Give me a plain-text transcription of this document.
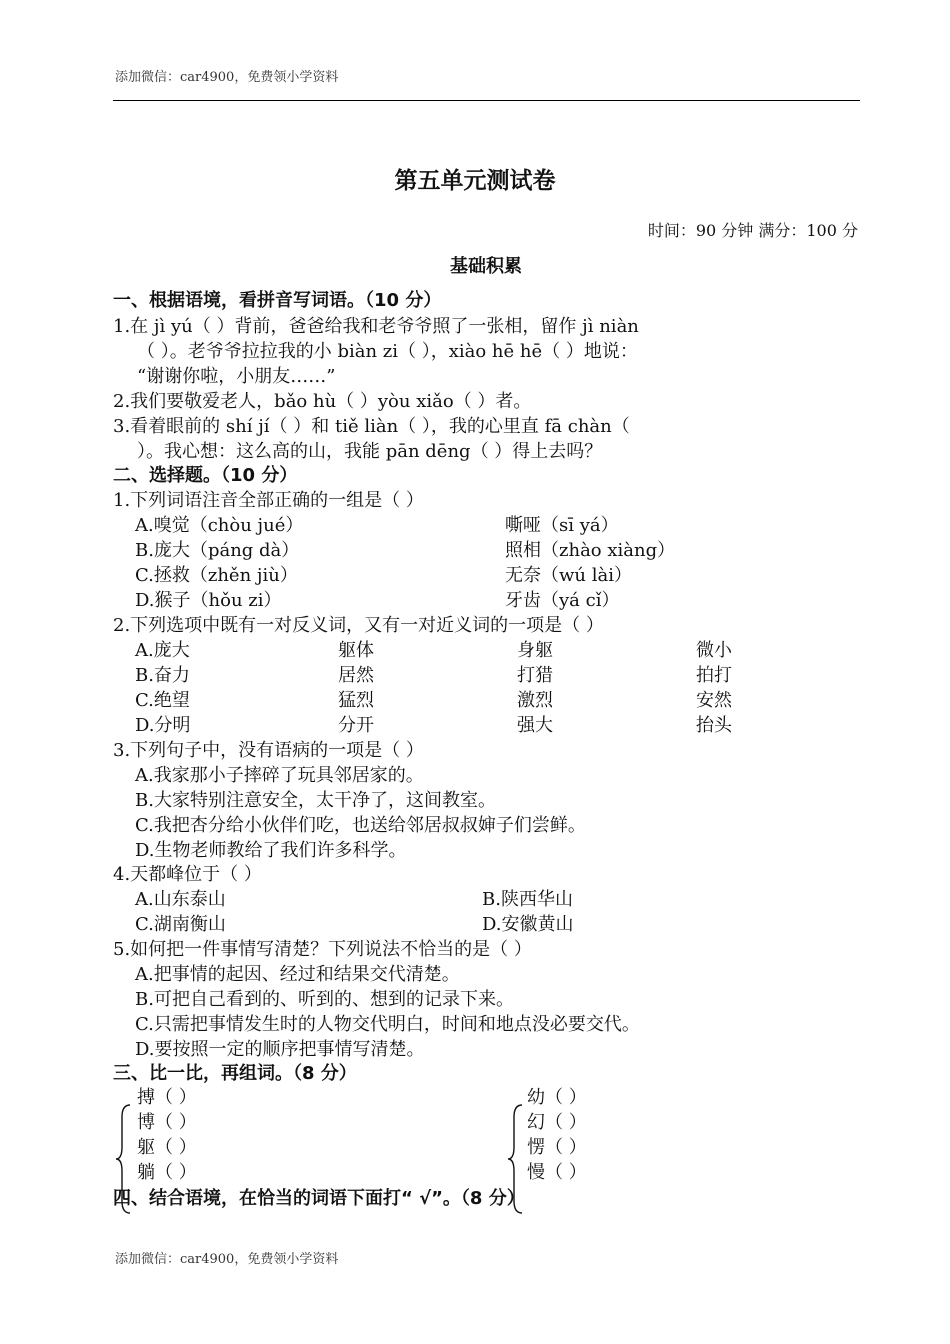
添加微信：car4900，免费领小学资料
第五单元测试卷
时间：90 分钟 满分：100 分
基础积累
一、根据语境，看拼音写词语。（10 分）
1.在 jì yú（ ）背前，爸爸给我和老爷爷照了一张相，留作 jì niàn
（ ）。老爷爷拉拉我的小 biàn zi（ ），xiào hē hē（ ）地说：
“谢谢你啦，小朋友……”
2.我们要敬爱老人，bǎo hù（ ）yòu xiǎo（ ）者。
3.看着眼前的 shí jí（ ）和 tiě liàn（ ），我的心里直 fā chàn（
）。我心想：这么高的山，我能 pān dēng（ ）得上去吗？
二、选择题。（10 分）
1.下列词语注音全部正确的一组是（ ）
A.嗅觉（chòu jué）	嘶哑（sī yá）
B.庞大（páng dà）	照相（zhào xiàng）
C.拯救（zhěn jiù）	无奈（wú lài）
D.猴子（hǒu zi）	牙齿（yá cǐ）
2.下列选项中既有一对反义词，又有一对近义词的一项是（ ）
A.庞大	躯体	身躯	微小
B.奋力	居然	打猎	拍打
C.绝望	猛烈	激烈	安然
D.分明	分开	强大	抬头
3.下列句子中，没有语病的一项是（ ）
A.我家那小子摔碎了玩具邻居家的。
B.大家特别注意安全，太干净了，这间教室。
C.我把杏分给小伙伴们吃，也送给邻居叔叔婶子们尝鲜。
D.生物老师教给了我们许多科学。
4.天都峰位于（ ）
A.山东泰山	B.陕西华山
C.湖南衡山	D.安徽黄山
5.如何把一件事情写清楚？下列说法不恰当的是（ ）
A.把事情的起因、经过和结果交代清楚。
B.可把自己看到的、听到的、想到的记录下来。
C.只需把事情发生时的人物交代明白，时间和地点没必要交代。
D.要按照一定的顺序把事情写清楚。
三、比一比，再组词。（8 分）
搏（ ）
博（ ）
躯（ ）
躺（ ）
幼（ ）
幻（ ）
愣（ ）
慢（ ）
四、结合语境，在恰当的词语下面打“ √”。（8 分）
添加微信：car4900，免费领小学资料
